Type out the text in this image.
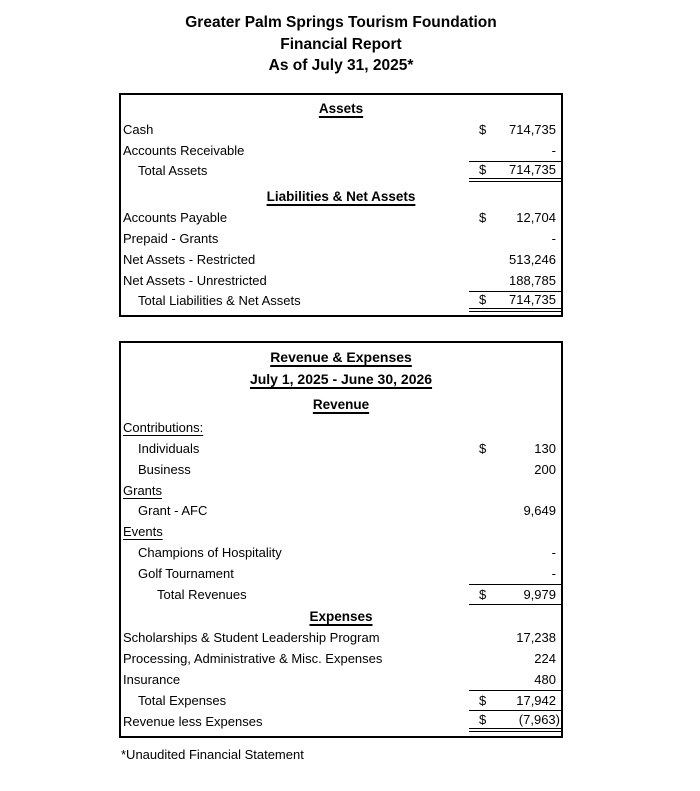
Greater Palm Springs Tourism Foundation
Financial Report
As of July 31, 2025*
Assets
Cash	$ 714,735
Accounts Receivable	-
Total Assets	$ 714,735
Liabilities & Net Assets
Accounts Payable	$ 12,704
Prepaid - Grants	-
Net Assets - Restricted	513,246
Net Assets - Unrestricted	188,785
Total Liabilities & Net Assets	$ 714,735
Revenue & Expenses
July 1, 2025 - June 30, 2026
Revenue
Contributions:
Individuals	$	130
Business	200
Grants
Grant - AFC	9,649
Events
Champions of Hospitality	-
Golf Tournament	-
Total Revenues	$	9,979
Expenses
Scholarships & Student Leadership Program	17,238
Processing, Administrative & Misc. Expenses	224
Insurance	480
Total Expenses	$ 17,942
Revenue less Expenses	$	(7,963)
*Unaudited Financial Statement
